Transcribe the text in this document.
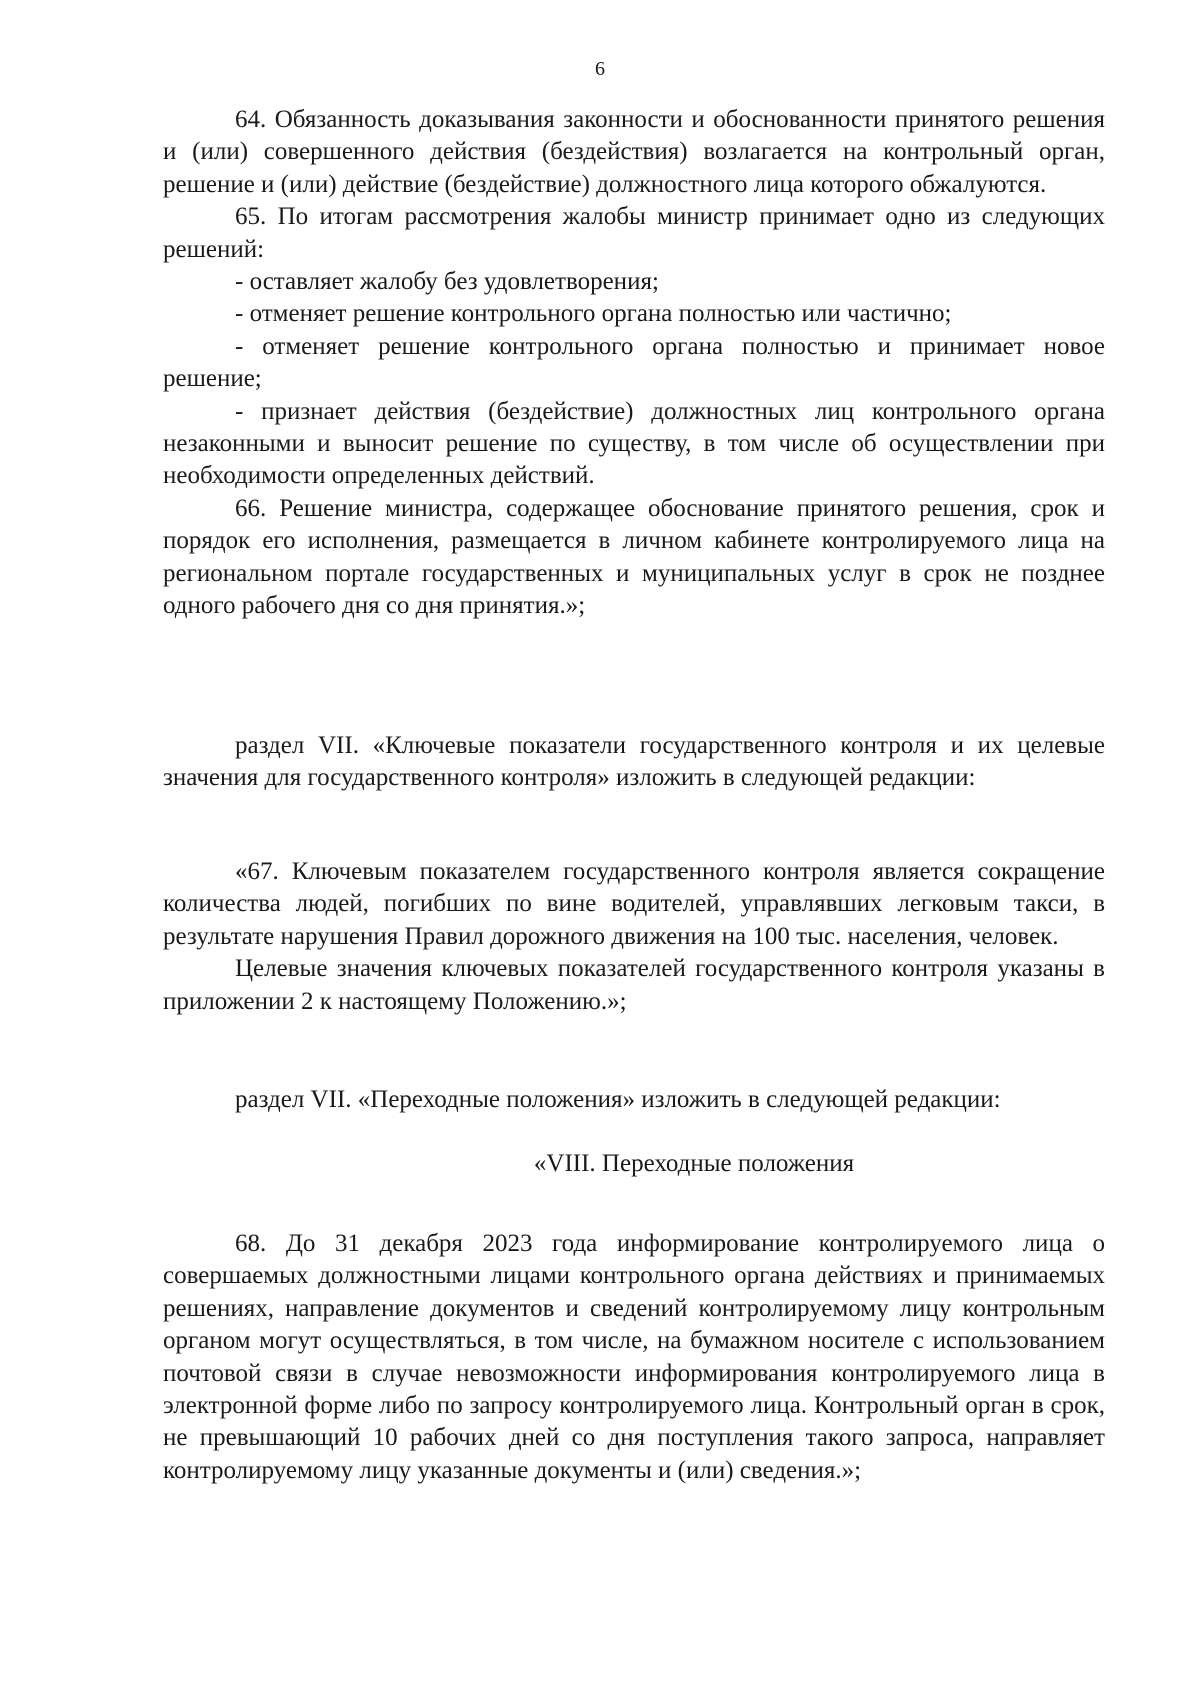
6

64. Обязанность доказывания законности и обоснованности принятого решения и (или) совершенного действия (бездействия) возлагается на контрольный орган, решение и (или) действие (бездействие) должностного лица которого обжалуются.

65. По итогам рассмотрения жалобы министр принимает одно из следующих решений:

- оставляет жалобу без удовлетворения;

- отменяет решение контрольного органа полностью или частично;

- отменяет решение контрольного органа полностью и принимает новое решение;

- признает действия (бездействие) должностных лиц контрольного органа незаконными и выносит решение по существу, в том числе об осуществлении при необходимости определенных действий.

66. Решение министра, содержащее обоснование принятого решения, срок и порядок его исполнения, размещается в личном кабинете контролируемого лица на региональном портале государственных и муниципальных услуг в срок не позднее одного рабочего дня со дня принятия.»;

раздел VII. «Ключевые показатели государственного контроля и их целевые значения для государственного контроля» изложить в следующей редакции:

«67. Ключевым показателем государственного контроля является сокращение количества людей, погибших по вине водителей, управлявших легковым такси, в результате нарушения Правил дорожного движения на 100 тыс. населения, человек.

Целевые значения ключевых показателей государственного контроля указаны в приложении 2 к настоящему Положению.»;

раздел VII. «Переходные положения» изложить в следующей редакции:

«VIII. Переходные положения

68. До 31 декабря 2023 года информирование контролируемого лица о совершаемых должностными лицами контрольного органа действиях и принимаемых решениях, направление документов и сведений контролируемому лицу контрольным органом могут осуществляться, в том числе, на бумажном носителе с использованием почтовой связи в случае невозможности информирования контролируемого лица в электронной форме либо по запросу контролируемого лица. Контрольный орган в срок, не превышающий 10 рабочих дней со дня поступления такого запроса, направляет контролируемому лицу указанные документы и (или) сведения.»;
